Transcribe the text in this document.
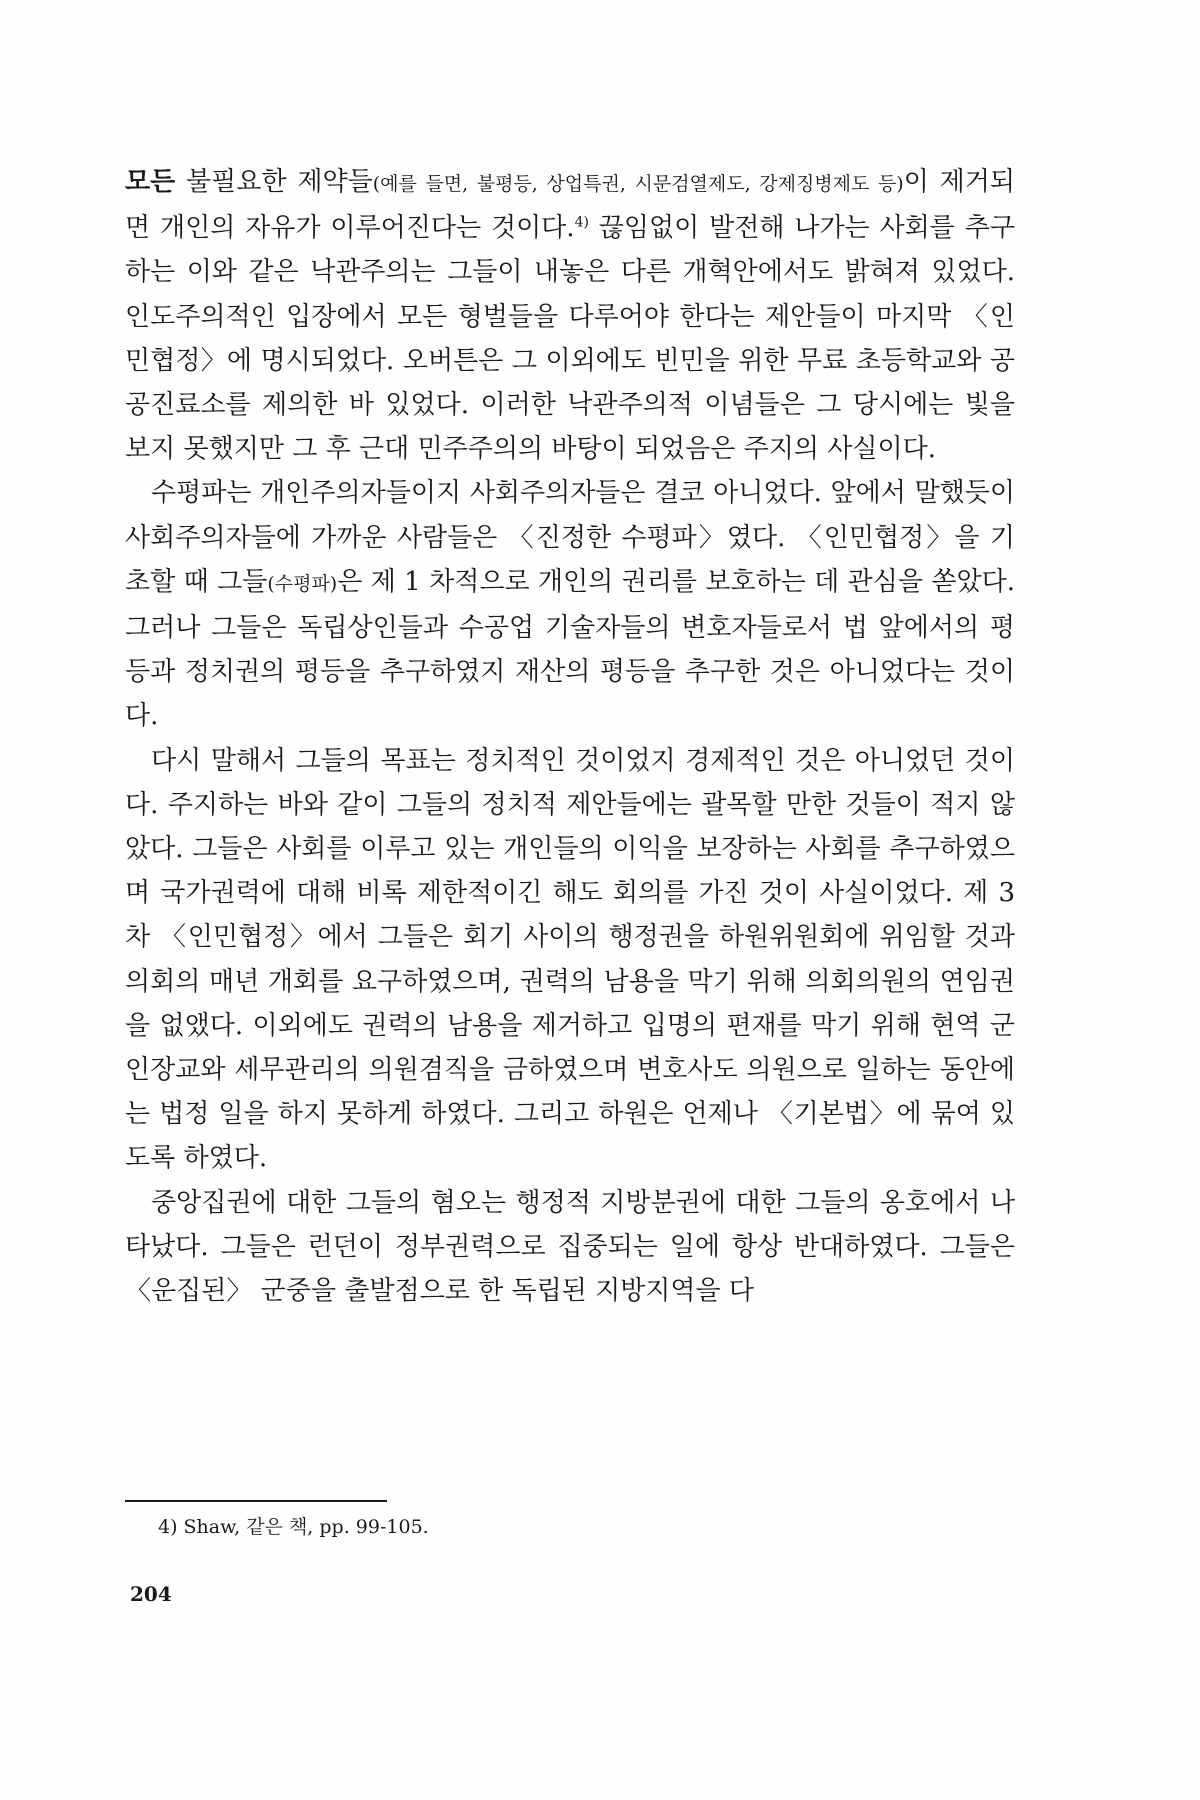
모든 불필요한 제약들(예를 들면, 불평등, 상업특권, 시문검열제도, 강제징병제도 등)이 제거되면 개인의 자유가 이루어진다는 것이다.$^{4)}$ 끊임없이 발전해 나가는 사회를 추구하는 이와 같은 낙관주의는 그들이 내놓은 다른 개혁안에서도 밝혀져 있었다. 인도주의적인 입장에서 모든 형벌들을 다루어야 한다는 제안들이 마지막 〈인민협정〉에 명시되었다. 오버튼은 그 이외에도 빈민을 위한 무료 초등학교와 공공진료소를 제의한 바 있었다. 이러한 낙관주의적 이념들은 그 당시에는 빛을 보지 못했지만 그 후 근대 민주주의의 바탕이 되었음은 주지의 사실이다.

수평파는 개인주의자들이지 사회주의자들은 결코 아니었다. 앞에서 말했듯이 사회주의자들에 가까운 사람들은 〈진정한 수평파〉였다. 〈인민협정〉을 기초할 때 그들(수평파)은 제 1 차적으로 개인의 권리를 보호하는 데 관심을 쏟았다. 그러나 그들은 독립상인들과 수공업 기술자들의 변호자들로서 법 앞에서의 평등과 정치권의 평등을 추구하였지 재산의 평등을 추구한 것은 아니었다는 것이다.

다시 말해서 그들의 목표는 정치적인 것이었지 경제적인 것은 아니었던 것이다. 주지하는 바와 같이 그들의 정치적 제안들에는 괄목할 만한 것들이 적지 않았다. 그들은 사회를 이루고 있는 개인들의 이익을 보장하는 사회를 추구하였으며 국가권력에 대해 비록 제한적이긴 해도 회의를 가진 것이 사실이었다. 제 3 차 〈인민협정〉에서 그들은 회기 사이의 행정권을 하원위원회에 위임할 것과 의회의 매년 개회를 요구하였으며, 권력의 남용을 막기 위해 의회의원의 연임권을 없앴다. 이외에도 권력의 남용을 제거하고 입명의 편재를 막기 위해 현역 군인장교와 세무관리의 의원겸직을 금하였으며 변호사도 의원으로 일하는 동안에는 법정 일을 하지 못하게 하였다. 그리고 하원은 언제나 〈기본법〉에 묶여 있도록 하였다.

중앙집권에 대한 그들의 혐오는 행정적 지방분권에 대한 그들의 옹호에서 나타났다. 그들은 런던이 정부권력으로 집중되는 일에 항상 반대하였다. 그들은 〈운집된〉 군중을 출발점으로 한 독립된 지방지역을 다

4) Shaw, 같은 책, pp. 99-105.
204
